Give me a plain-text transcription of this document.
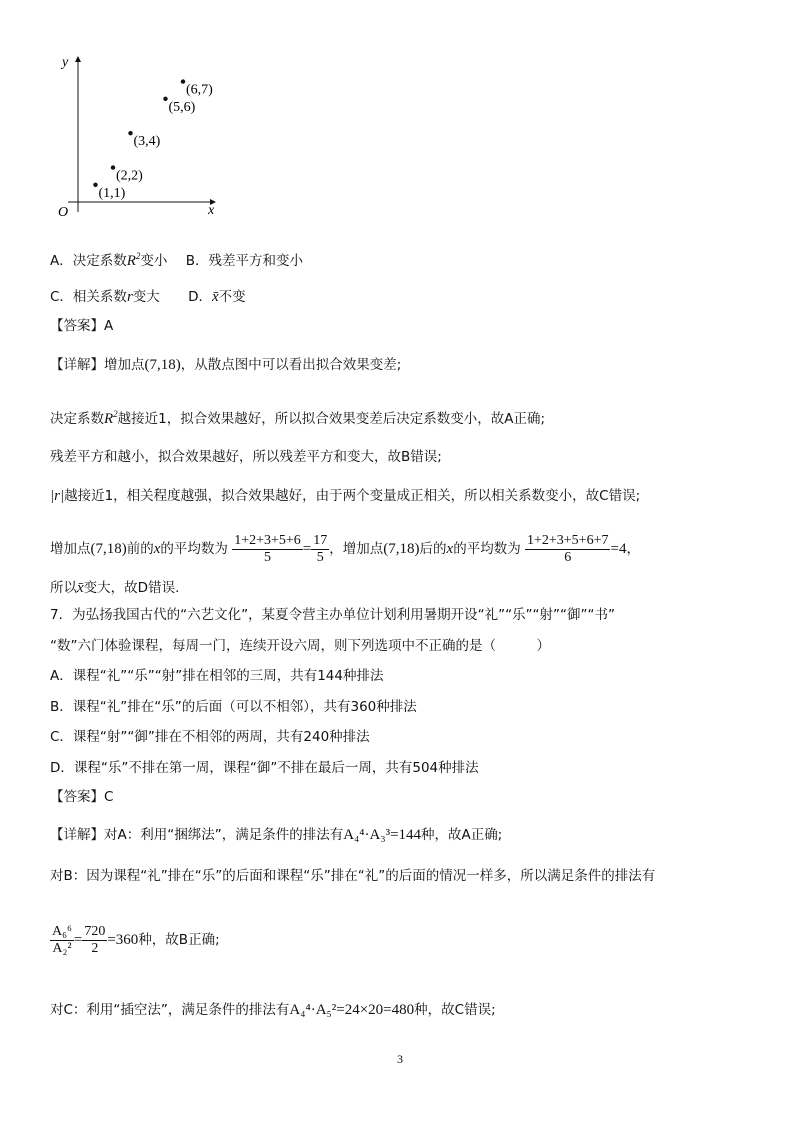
x
y
O
(1,1)
(2,2)
(3,4)
(5,6)
(6,7)
A．决定系数$R^2$变小 B．残差平方和变小
C．相关系数r变大 D．x̄不变
【答案】A
【详解】增加点(7,18)，从散点图中可以看出拟合效果变差;
决定系数$R^2$越接近1，拟合效果越好，所以拟合效果变差后决定系数变小，故A正确;
残差平方和越小，拟合效果越好，所以残差平方和变大，故B错误;
|r|越接近1，相关程度越强，拟合效果越好，由于两个变量成正相关，所以相关系数变小，故C错误;
增加点(7,18)前的x的平均数为 $\frac{1+2+3+5+6}{5} = \frac{17}{5}$ ，增加点(7,18)后的x的平均数为 $\frac{1+2+3+5+6+7}{6} =4$，
所以x̄变大，故D错误.
7．为弘扬我国古代的“六艺文化”，某夏令营主办单位计划利用暑期开设“礼”“乐”“射”“御”“书”
“数”六门体验课程，每周一门，连续开设六周，则下列选项中不正确的是（　　　）
A．课程“礼”“乐”“射”排在相邻的三周，共有144种排法
B．课程“礼”排在“乐”的后面（可以不相邻），共有360种排法
C．课程“射”“御”排在不相邻的两周，共有240种排法
D．课程“乐”不排在第一周，课程“御”不排在最后一周，共有504种排法
【答案】C
【详解】对A：利用“捆绑法”，满足条件的排法有A₄⁴·A₃³=144种，故A正确;
对B：因为课程“礼”排在“乐”的后面和课程“乐”排在“礼”的后面的情况一样多，所以满足条件的排法有
$\frac{\text{A₆⁶}}{\text{A₂²}} = \frac{720}{2} =360$种，故B正确;
对C：利用“插空法”，满足条件的排法有A₄⁴·A₅²=24×20=480种，故C错误;
3
